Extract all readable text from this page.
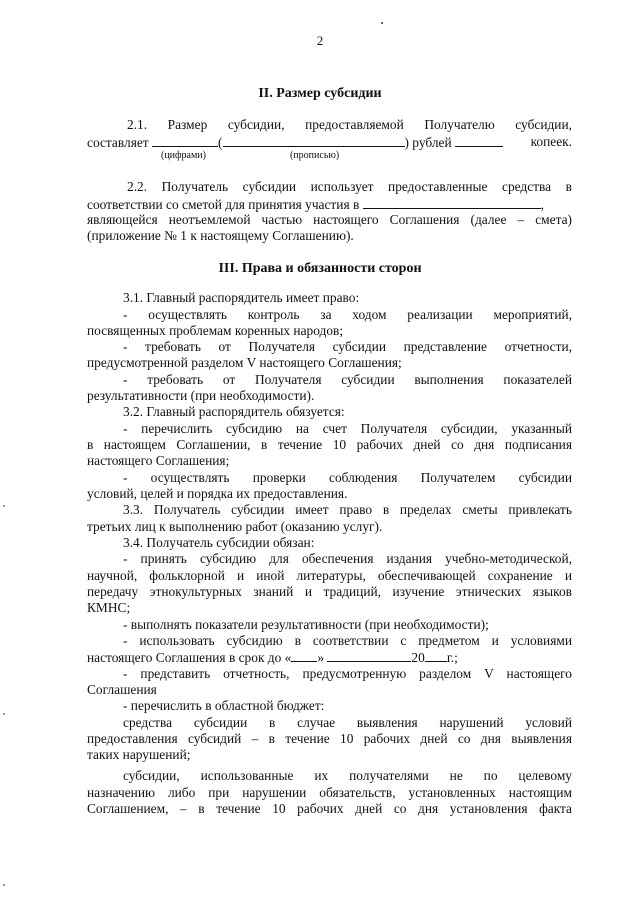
2
II. Размер субсидии
2.1. Размер субсидии, предоставляемой Получателю субсидии,
составляет	(	) рублей	копеек.
(цифрами)	(прописью)
2.2. Получатель субсидии использует предоставленные средства в
соответствии со сметой для принятия участия в	,
являющейся неотъемлемой частью настоящего Соглашения (далее – смета)
(приложение № 1 к настоящему Соглашению).
III. Права и обязанности сторон
3.1. Главный распорядитель имеет право:
- осуществлять контроль за ходом реализации мероприятий,
посвященных проблемам коренных народов;
- требовать от Получателя субсидии представление отчетности,
предусмотренной разделом V настоящего Соглашения;
- требовать от Получателя субсидии выполнения показателей
результативности (при необходимости).
3.2. Главный распорядитель обязуется:
- перечислить субсидию на счет Получателя субсидии, указанный
в настоящем Соглашении, в течение 10 рабочих дней со дня подписания
настоящего Соглашения;
- осуществлять проверки соблюдения Получателем субсидии
условий, целей и порядка их предоставления.
3.3. Получатель субсидии имеет право в пределах сметы привлекать
третьих лиц к выполнению работ (оказанию услуг).
3.4. Получатель субсидии обязан:
- принять субсидию для обеспечения издания учебно-методической,
научной, фольклорной и иной литературы, обеспечивающей сохранение и
передачу этнокультурных знаний и традиций, изучение этнических языков
КМНС;
- выполнять показатели результативности (при необходимости);
- использовать субсидию в соответствии с предметом и условиями
настоящего Соглашения в срок до « »	20 г.;
- представить отчетность, предусмотренную разделом V настоящего
Соглашения
- перечислить в областной бюджет:
средства субсидии в случае выявления нарушений условий
предоставления субсидий – в течение 10 рабочих дней со дня выявления
таких нарушений;
субсидии, использованные их получателями не по целевому
назначению либо при нарушении обязательств, установленных настоящим
Соглашением, – в течение 10 рабочих дней со дня установления факта
